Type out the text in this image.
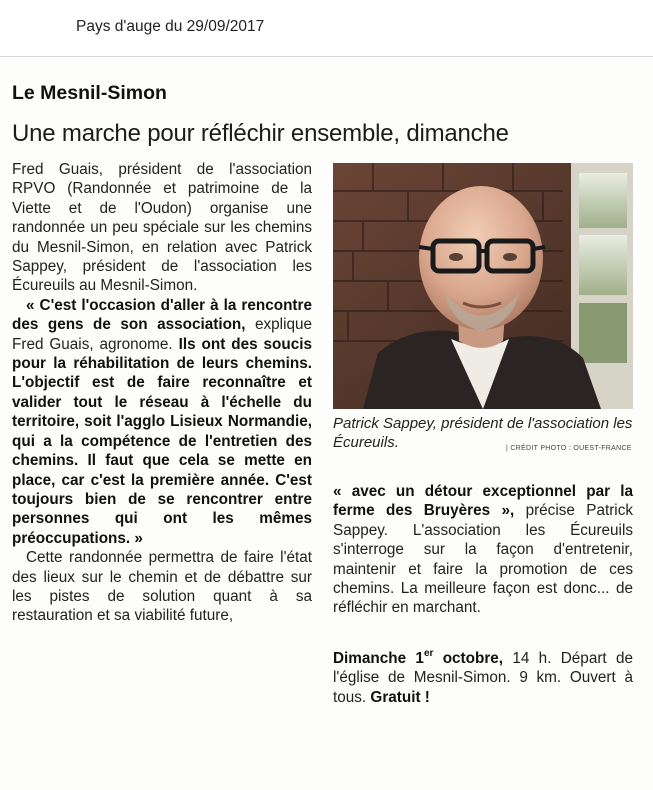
Pays d'auge du 29/09/2017
Le Mesnil-Simon
Une marche pour réfléchir ensemble, dimanche

Fred Guais, président de l'association RPVO (Randonnée et patrimoine de la Viette et de l'Oudon) organise une randonnée un peu spéciale sur les chemins du Mesnil-Simon, en relation avec Patrick Sappey, président de l'association les Écureuils au Mesnil-Simon.

« C'est l'occasion d'aller à la rencontre des gens de son association, explique Fred Guais, agronome. Ils ont des soucis pour la réhabilitation de leurs chemins. L'objectif est de faire reconnaître et valider tout le réseau à l'échelle du territoire, soit l'agglo Lisieux Normandie, qui a la compétence de l'entretien des chemins. Il faut que cela se mette en place, car c'est la première année. C'est toujours bien de se rencontrer entre personnes qui ont les mêmes préoccupations. »

Cette randonnée permettra de faire l'état des lieux sur le chemin et de débattre sur les pistes de solution quant à sa restauration et sa viabilité future,

Patrick Sappey, président de l'association les Écureuils.	| CRÉDIT PHOTO : OUEST-FRANCE

« avec un détour exceptionnel par la ferme des Bruyères », précise Patrick Sappey. L'association les Écureuils s'interroge sur la façon d'entretenir, maintenir et faire la promotion de ces chemins. La meilleure façon est donc... de réfléchir en marchant.

Dimanche 1er octobre, 14 h. Départ de l'église de Mesnil-Simon. 9 km. Ouvert à tous. Gratuit !
